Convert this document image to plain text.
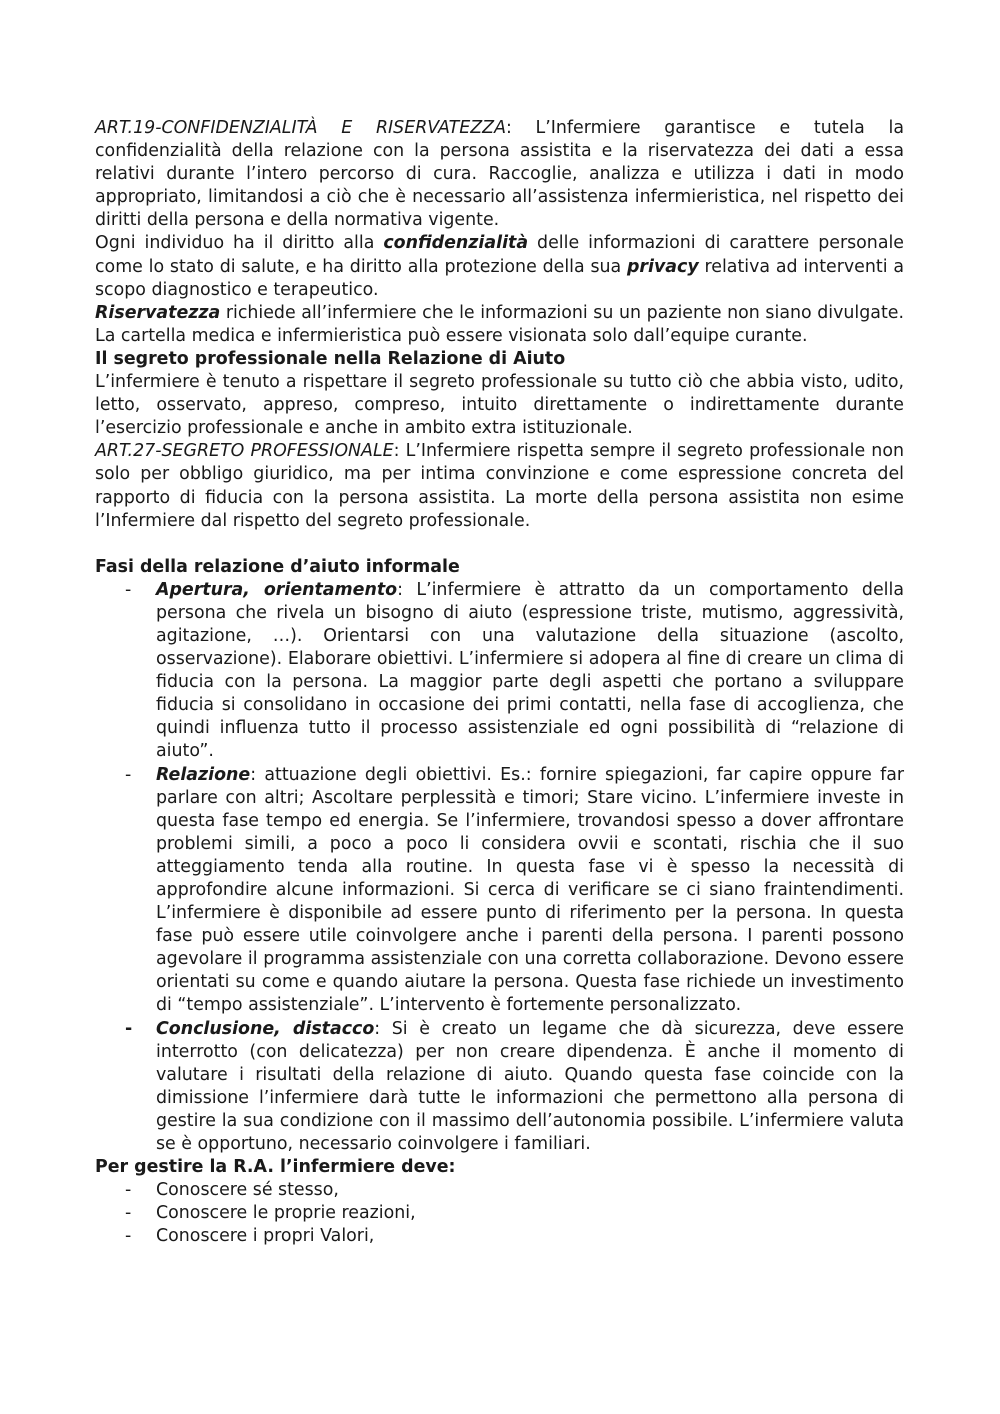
ART.19-CONFIDENZIALITÀ E RISERVATEZZA: L’Infermiere garantisce e tutela la confidenzialità della relazione con la persona assistita e la riservatezza dei dati a essa relativi durante l’intero percorso di cura. Raccoglie, analizza e utilizza i dati in modo appropriato, limitandosi a ciò che è necessario all’assistenza infermieristica, nel rispetto dei diritti della persona e della normativa vigente.

Ogni individuo ha il diritto alla confidenzialità delle informazioni di carattere personale come lo stato di salute, e ha diritto alla protezione della sua privacy relativa ad interventi a scopo diagnostico e terapeutico.

Riservatezza richiede all’infermiere che le informazioni su un paziente non siano divulgate. La cartella medica e infermieristica può essere visionata solo dall’equipe curante.

Il segreto professionale nella Relazione di Aiuto

L’infermiere è tenuto a rispettare il segreto professionale su tutto ciò che abbia visto, udito, letto, osservato, appreso, compreso, intuito direttamente o indirettamente durante l’esercizio professionale e anche in ambito extra istituzionale.

ART.27-SEGRETO PROFESSIONALE: L’Infermiere rispetta sempre il segreto professionale non solo per obbligo giuridico, ma per intima convinzione e come espressione concreta del rapporto di fiducia con la persona assistita. La morte della persona assistita non esime l’Infermiere dal rispetto del segreto professionale.

Fasi della relazione d’aiuto informale

- Apertura, orientamento: L’infermiere è attratto da un comportamento della persona che rivela un bisogno di aiuto (espressione triste, mutismo, aggressività, agitazione, …). Orientarsi con una valutazione della situazione (ascolto, osservazione). Elaborare obiettivi. L’infermiere si adopera al fine di creare un clima di fiducia con la persona. La maggior parte degli aspetti che portano a sviluppare fiducia si consolidano in occasione dei primi contatti, nella fase di accoglienza, che quindi influenza tutto il processo assistenziale ed ogni possibilità di “relazione di aiuto”.
- Relazione: attuazione degli obiettivi. Es.: fornire spiegazioni, far capire oppure far parlare con altri; Ascoltare perplessità e timori; Stare vicino. L’infermiere investe in questa fase tempo ed energia. Se l’infermiere, trovandosi spesso a dover affrontare problemi simili, a poco a poco li considera ovvii e scontati, rischia che il suo atteggiamento tenda alla routine. In questa fase vi è spesso la necessità di approfondire alcune informazioni. Si cerca di verificare se ci siano fraintendimenti. L’infermiere è disponibile ad essere punto di riferimento per la persona. In questa fase può essere utile coinvolgere anche i parenti della persona. I parenti possono agevolare il programma assistenziale con una corretta collaborazione. Devono essere orientati su come e quando aiutare la persona. Questa fase richiede un investimento di “tempo assistenziale”. L’intervento è fortemente personalizzato.
- Conclusione, distacco: Si è creato un legame che dà sicurezza, deve essere interrotto (con delicatezza) per non creare dipendenza. È anche il momento di valutare i risultati della relazione di aiuto. Quando questa fase coincide con la dimissione l’infermiere darà tutte le informazioni che permettono alla persona di gestire la sua condizione con il massimo dell’autonomia possibile. L’infermiere valuta se è opportuno, necessario coinvolgere i familiari.

Per gestire la R.A. l’infermiere deve:

- Conoscere sé stesso,
- Conoscere le proprie reazioni,
- Conoscere i propri Valori,
